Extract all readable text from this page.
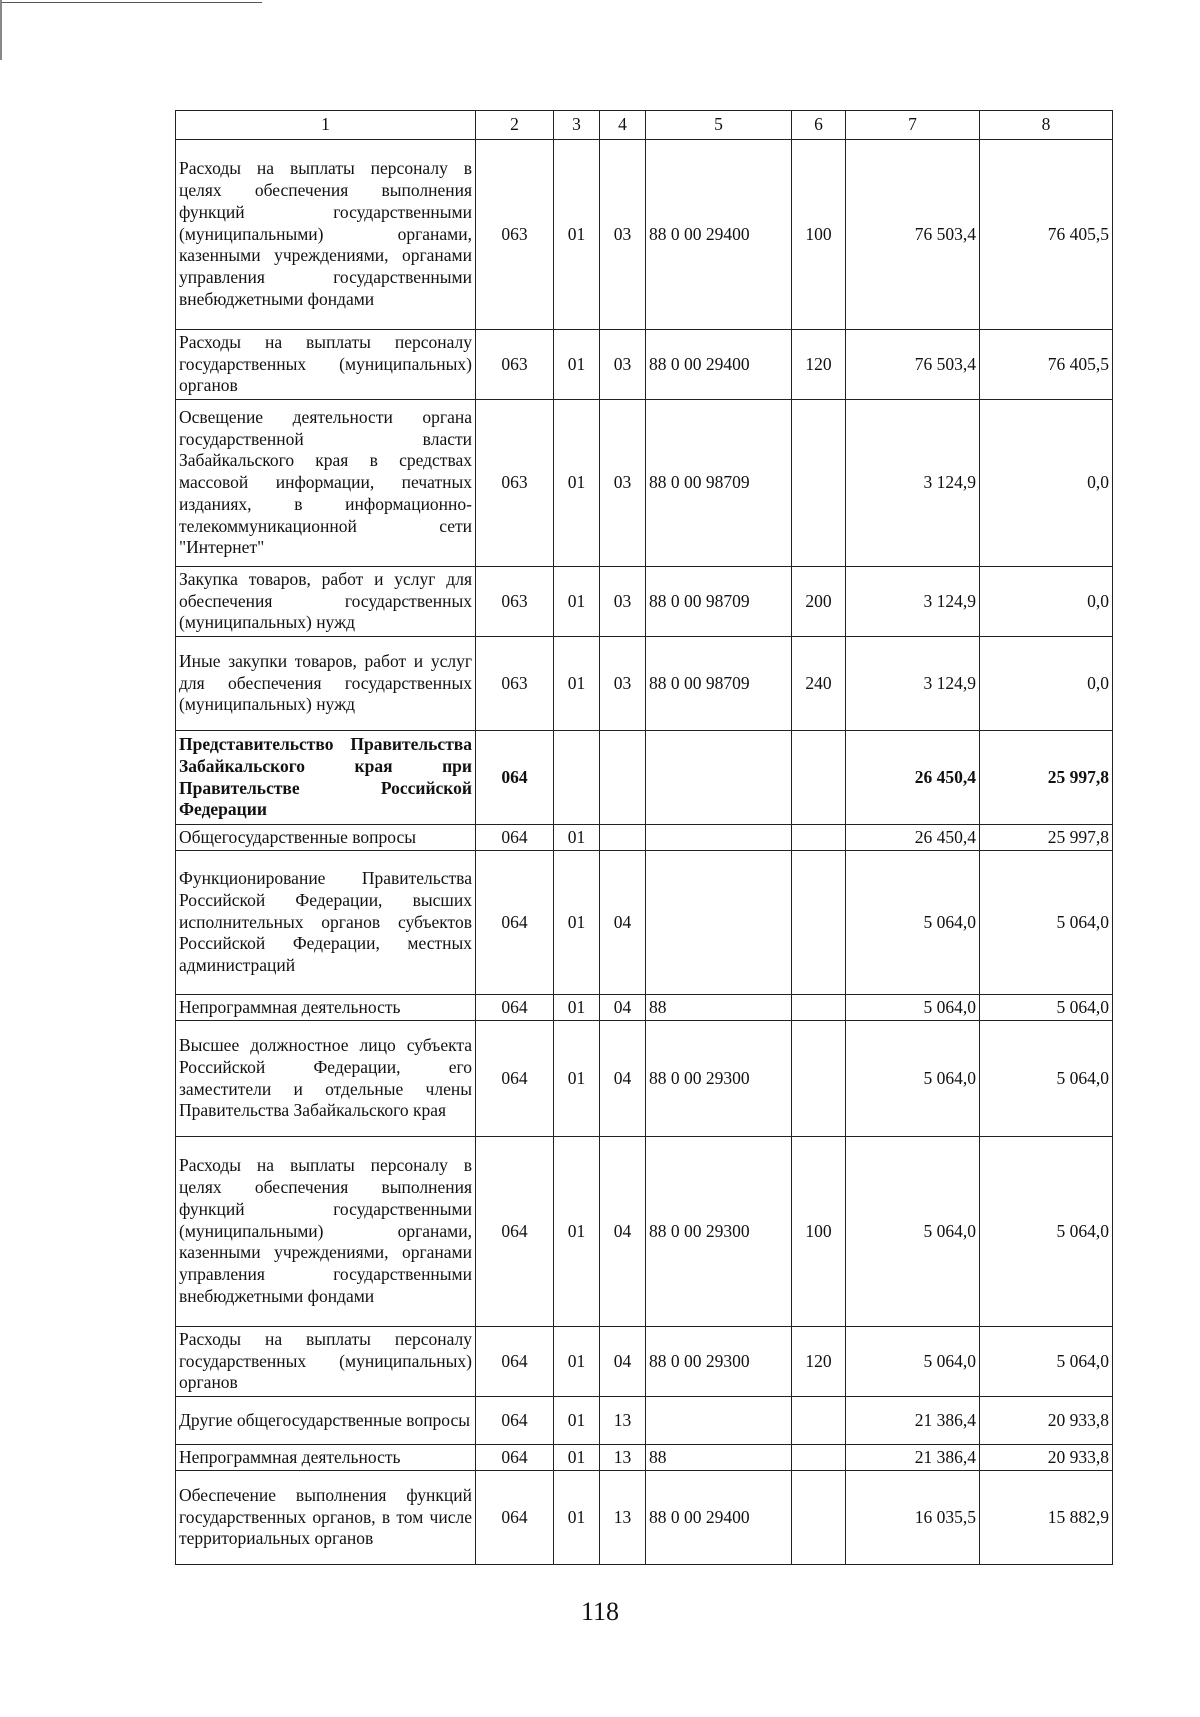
1	2	3	4	5	6	7	8
Расходы на выплаты персоналу в целях обеспечения выполнения функций государственными (муниципальными) органами, казенными учреждениями, органами управления государственными внебюджетными фондами	063	01	03	88 0 00 29400	100	76 503,4	76 405,5
Расходы на выплаты персоналу государственных (муниципальных) органов	063	01	03	88 0 00 29400	120	76 503,4	76 405,5
Освещение деятельности органа государственной власти Забайкальского края в средствах массовой информации, печатных изданиях, в информационно-телекоммуникационной сети "Интернет"	063	01	03	88 0 00 98709		3 124,9	0,0
Закупка товаров, работ и услуг для обеспечения государственных (муниципальных) нужд	063	01	03	88 0 00 98709	200	3 124,9	0,0
Иные закупки товаров, работ и услуг для обеспечения государственных (муниципальных) нужд	063	01	03	88 0 00 98709	240	3 124,9	0,0
Представительство Правительства Забайкальского края при Правительстве Российской Федерации	064					26 450,4	25 997,8
Общегосударственные вопросы	064	01				26 450,4	25 997,8
Функционирование Правительства Российской Федерации, высших исполнительных органов субъектов Российской Федерации, местных администраций	064	01	04			5 064,0	5 064,0
Непрограммная деятельность	064	01	04	88		5 064,0	5 064,0
Высшее должностное лицо субъекта Российской Федерации, его заместители и отдельные члены Правительства Забайкальского края	064	01	04	88 0 00 29300		5 064,0	5 064,0
Расходы на выплаты персоналу в целях обеспечения выполнения функций государственными (муниципальными) органами, казенными учреждениями, органами управления государственными внебюджетными фондами	064	01	04	88 0 00 29300	100	5 064,0	5 064,0
Расходы на выплаты персоналу государственных (муниципальных) органов	064	01	04	88 0 00 29300	120	5 064,0	5 064,0
Другие общегосударственные вопросы	064	01	13			21 386,4	20 933,8
Непрограммная деятельность	064	01	13	88		21 386,4	20 933,8
Обеспечение выполнения функций государственных органов, в том числе территориальных органов	064	01	13	88 0 00 29400		16 035,5	15 882,9
118
